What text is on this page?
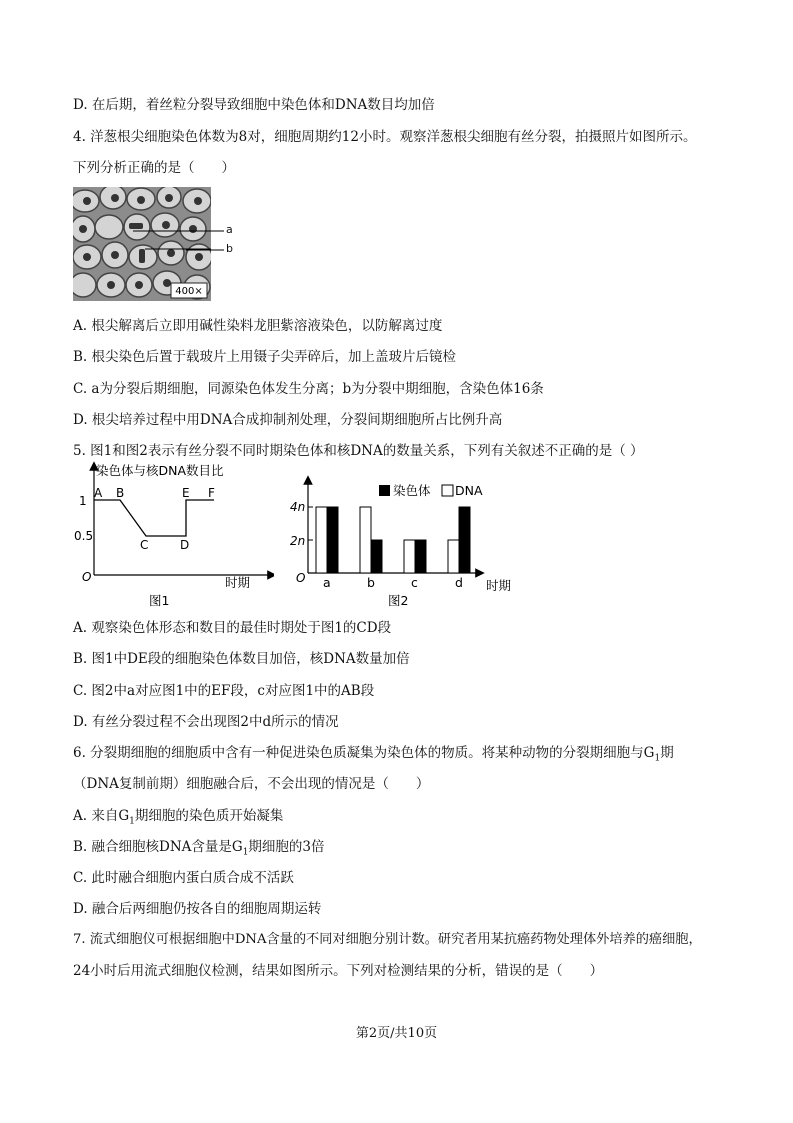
D. 在后期，着丝粒分裂导致细胞中染色体和DNA数目均加倍
4. 洋葱根尖细胞染色体数为8对，细胞周期约12小时。观察洋葱根尖细胞有丝分裂，拍摄照片如图所示。
下列分析正确的是（　　）
400×
a
b
A. 根尖解离后立即用碱性染料龙胆紫溶液染色，以防解离过度
B. 根尖染色后置于载玻片上用镊子尖弄碎后，加上盖玻片后镜检
C. a为分裂后期细胞，同源染色体发生分离；b为分裂中期细胞，含染色体16条
D. 根尖培养过程中用DNA合成抑制剂处理，分裂间期细胞所占比例升高
5. 图1和图2表示有丝分裂不同时期染色体和核DNA的数量关系，下列有关叙述不正确的是（ ）
染色体与核DNA数目比
1
0.5
O	时期
A B
C	D
E F
图1
O
4n
2n
染色体 DNA
a	b	c	d 时期
图2
A. 观察染色体形态和数目的最佳时期处于图1的CD段
B. 图1中DE段的细胞染色体数目加倍，核DNA数量加倍
C. 图2中a对应图1中的EF段，c对应图1中的AB段
D. 有丝分裂过程不会出现图2中d所示的情况
6. 分裂期细胞的细胞质中含有一种促进染色质凝集为染色体的物质。将某种动物的分裂期细胞与$G_1$期
（DNA复制前期）细胞融合后，不会出现的情况是（　　）
A. 来自$G_1$期细胞的染色质开始凝集
B. 融合细胞核DNA含量是$G_1$期细胞的3倍
C. 此时融合细胞内蛋白质合成不活跃
D. 融合后两细胞仍按各自的细胞周期运转
7. 流式细胞仪可根据细胞中DNA含量的不同对细胞分别计数。研究者用某抗癌药物处理体外培养的癌细胞，
24小时后用流式细胞仪检测，结果如图所示。下列对检测结果的分析，错误的是（　　）
第2页/共10页
